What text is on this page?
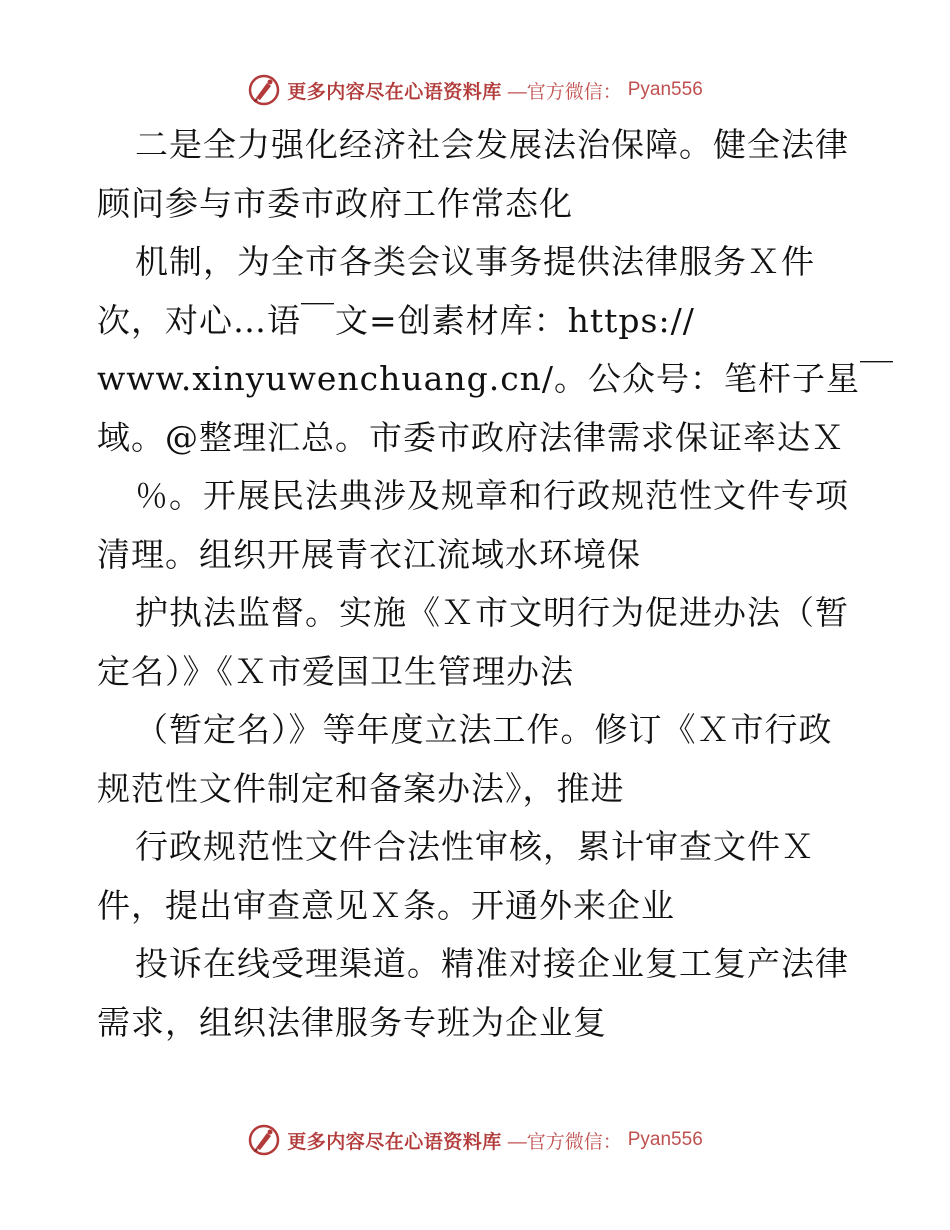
更多内容尽在心语资料库 —官方微信： Pyan556
二是全力强化经济社会发展法治保障。健全法律
顾问参与市委市政府工作常态化
机制，为全市各类会议事务提供法律服务Ｘ件
次，对心…语￣文=创素材库：https://
www.xinyuwenchuang.cn/。公众号：笔杆子星￣
域。@整理汇总。市委市政府法律需求保证率达Ｘ
％。开展民法典涉及规章和行政规范性文件专项
清理。组织开展青衣江流域水环境保
护执法监督。实施《Ｘ市文明行为促进办法（暂
定名）》《Ｘ市爱国卫生管理办法
（暂定名）》等年度立法工作。修订《Ｘ市行政
规范性文件制定和备案办法》，推进
行政规范性文件合法性审核，累计审查文件Ｘ
件，提出审查意见Ｘ条。开通外来企业
投诉在线受理渠道。精准对接企业复工复产法律
需求，组织法律服务专班为企业复
更多内容尽在心语资料库 —官方微信： Pyan556
